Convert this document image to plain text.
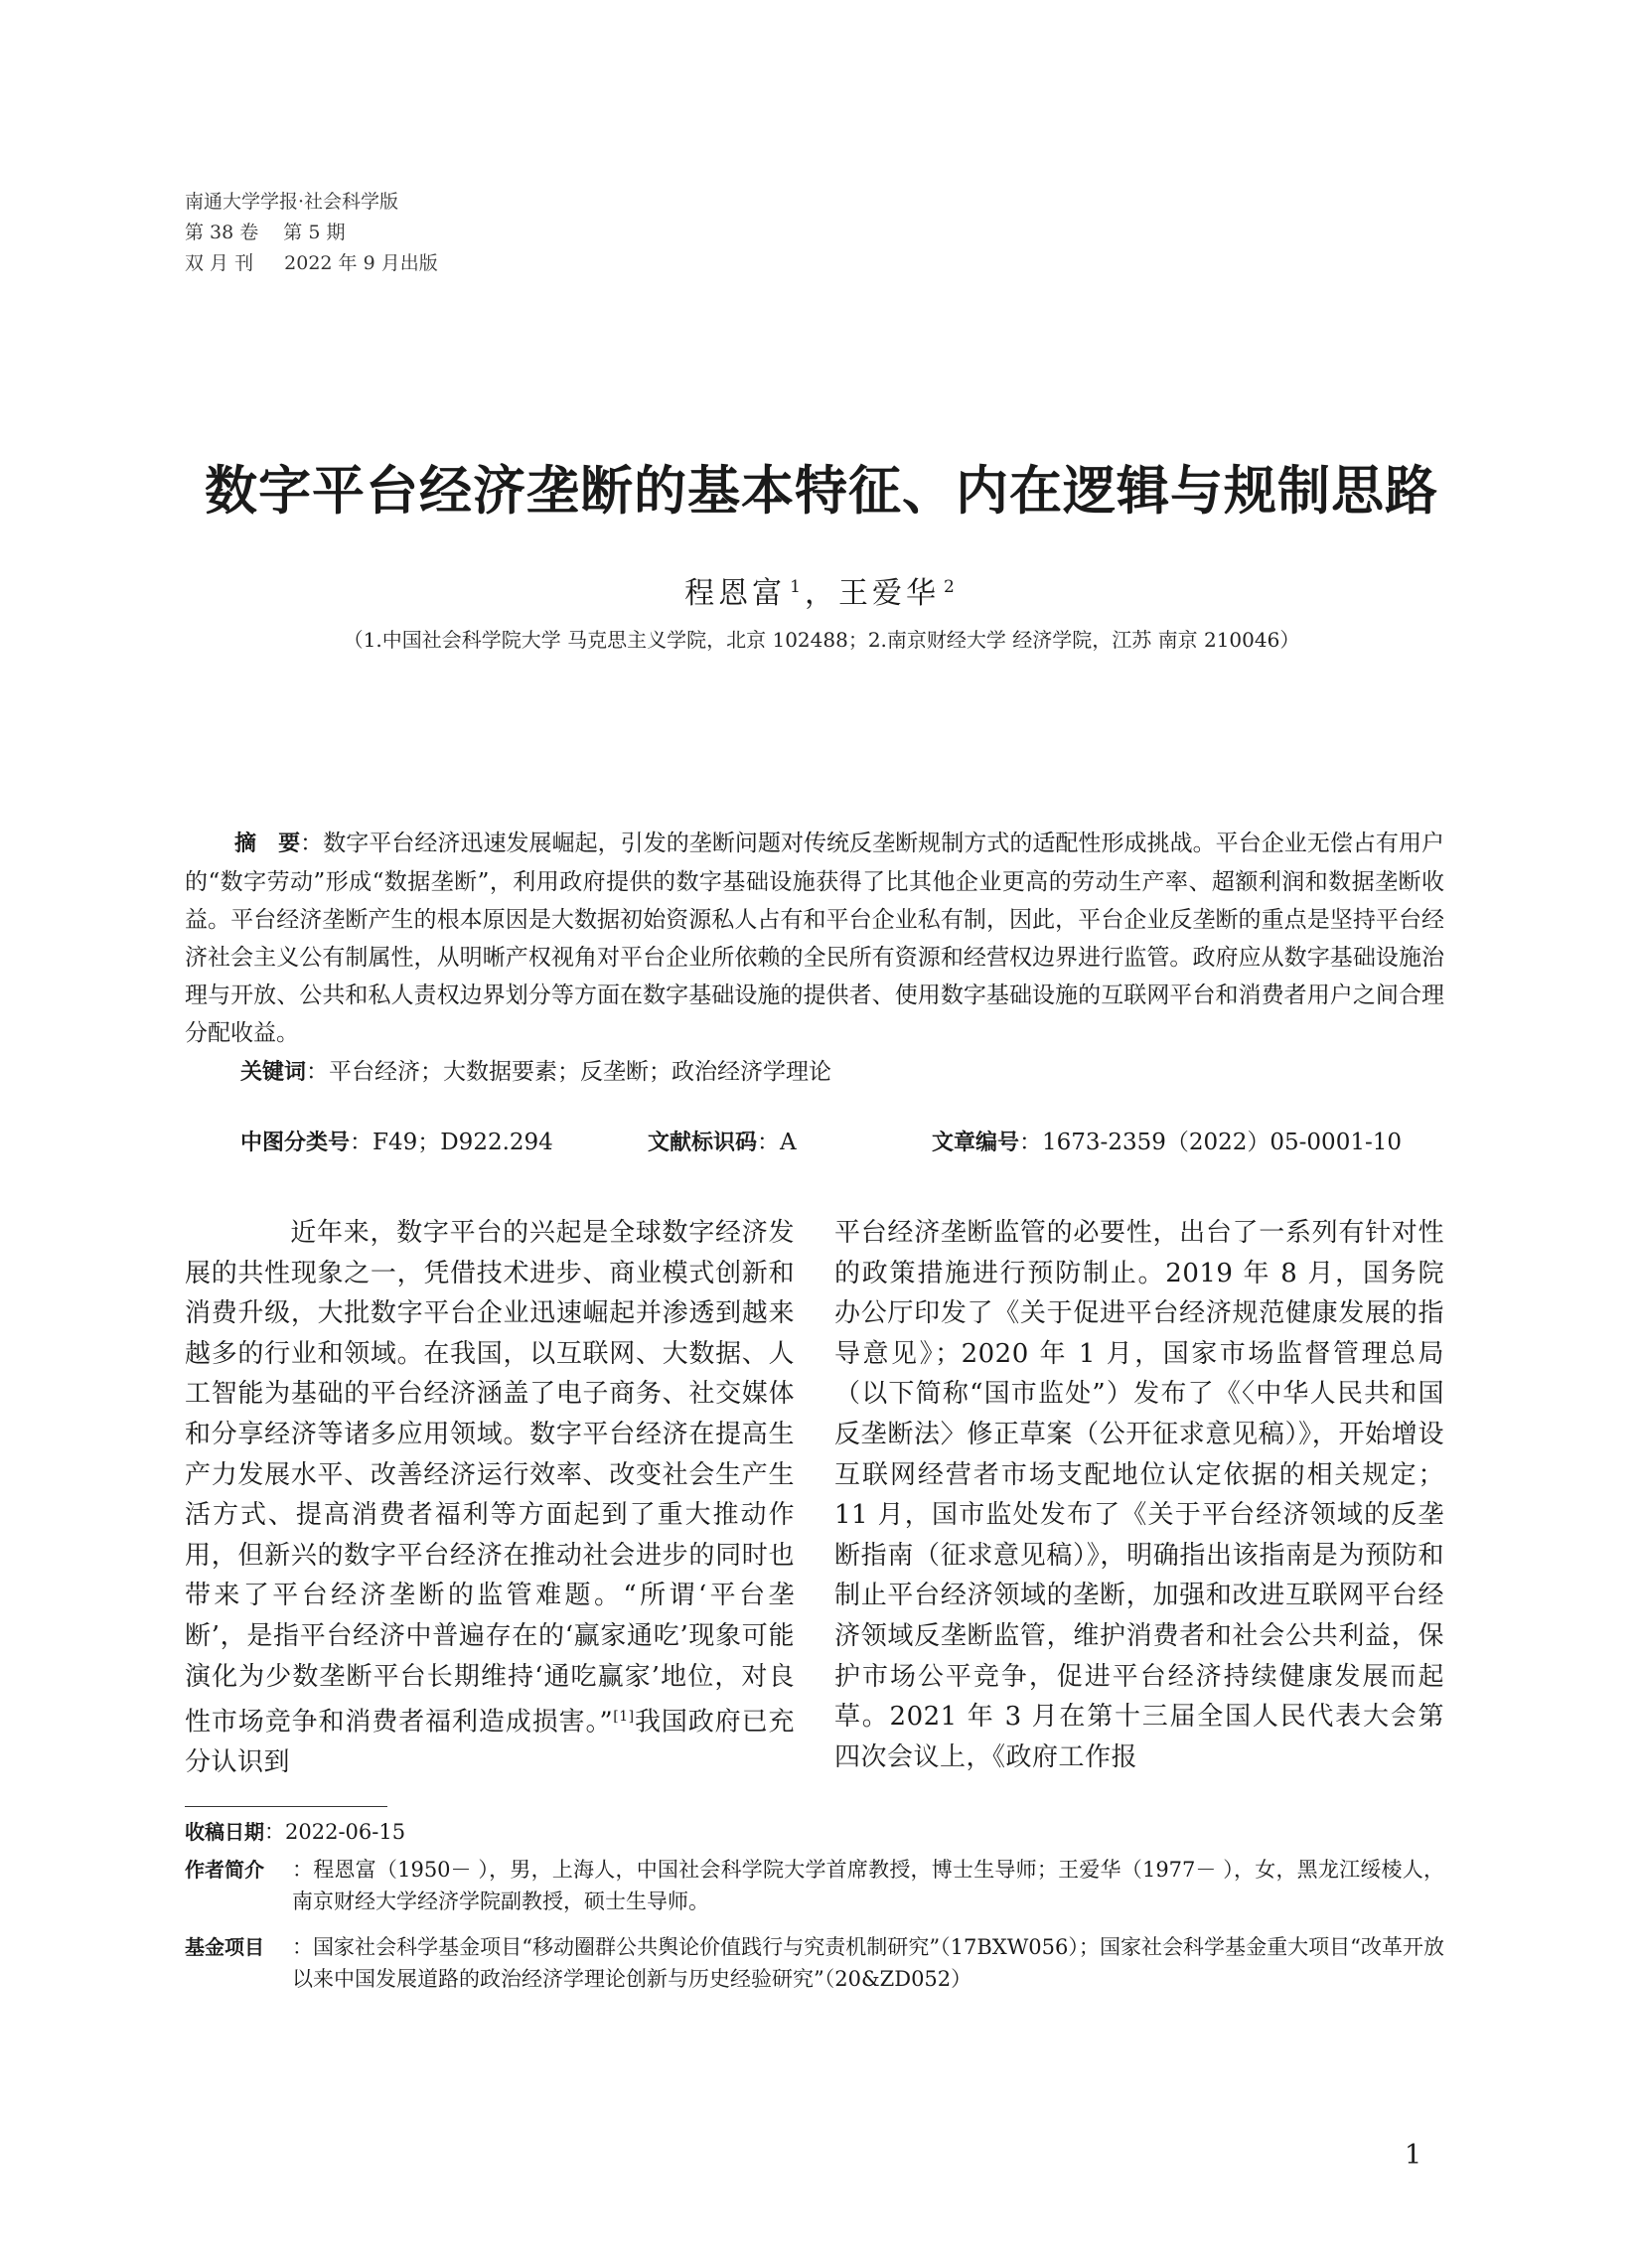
南通大学学报·社会科学版
第 38 卷　 第 5 期
双 月 刊 　 2022 年 9 月出版
数字平台经济垄断的基本特征、内在逻辑与规制思路
程恩富 $^1$ ，王爱华 $^2$
（1.中国社会科学院大学 马克思主义学院，北京 102488；2.南京财经大学 经济学院，江苏 南京 210046）
摘　要：数字平台经济迅速发展崛起，引发的垄断问题对传统反垄断规制方式的适配性形成挑战。平台企业无偿占有用户的“数字劳动”形成“数据垄断”，利用政府提供的数字基础设施获得了比其他企业更高的劳动生产率、超额利润和数据垄断收益。平台经济垄断产生的根本原因是大数据初始资源私人占有和平台企业私有制，因此，平台企业反垄断的重点是坚持平台经济社会主义公有制属性，从明晰产权视角对平台企业所依赖的全民所有资源和经营权边界进行监管。政府应从数字基础设施治理与开放、公共和私人责权边界划分等方面在数字基础设施的提供者、使用数字基础设施的互联网平台和消费者用户之间合理分配收益。
关键词：平台经济；大数据要素；反垄断；政治经济学理论
中图分类号：F49；D922.294	文献标识码：A	文章编号：1673-2359（2022）05-0001-10
近年来，数字平台的兴起是全球数字经济发展的共性现象之一，凭借技术进步、商业模式创新和消费升级，大批数字平台企业迅速崛起并渗透到越来越多的行业和领域。在我国，以互联网、大数据、人工智能为基础的平台经济涵盖了电子商务、社交媒体和分享经济等诸多应用领域。数字平台经济在提高生产力发展水平、改善经济运行效率、改变社会生产生活方式、提高消费者福利等方面起到了重大推动作用，但新兴的数字平台经济在推动社会进步的同时也带来了平台经济垄断的监管难题。“所谓‘平台垄断’，是指平台经济中普遍存在的‘赢家通吃’现象可能演化为少数垄断平台长期维持‘通吃赢家’地位，对良性市场竞争和消费者福利造成损害。”[1]我国政府已充分认识到
平台经济垄断监管的必要性，出台了一系列有针对性的政策措施进行预防制止。2019 年 8 月，国务院办公厅印发了《关于促进平台经济规范健康发展的指导意见》；2020 年 1 月，国家市场监督管理总局（以下简称“国市监处”）发布了《〈中华人民共和国反垄断法〉修正草案（公开征求意见稿）》，开始增设互联网经营者市场支配地位认定依据的相关规定；11 月，国市监处发布了《关于平台经济领域的反垄断指南（征求意见稿）》，明确指出该指南是为预防和制止平台经济领域的垄断，加强和改进互联网平台经济领域反垄断监管，维护消费者和社会公共利益，保护市场公平竞争，促进平台经济持续健康发展而起草。2021 年 3 月在第十三届全国人民代表大会第四次会议上，《政府工作报
收稿日期：2022-06-15
作者简介 ：程恩富（1950－ ），男，上海人，中国社会科学院大学首席教授，博士生导师；王爱华（1977－ ），女，黑龙江绥棱人，南京财经大学经济学院副教授，硕士生导师。
基金项目 ：国家社会科学基金项目“移动圈群公共舆论价值践行与究责机制研究”（17BXW056）；国家社会科学基金重大项目“改革开放以来中国发展道路的政治经济学理论创新与历史经验研究”（20&ZD052）
1
